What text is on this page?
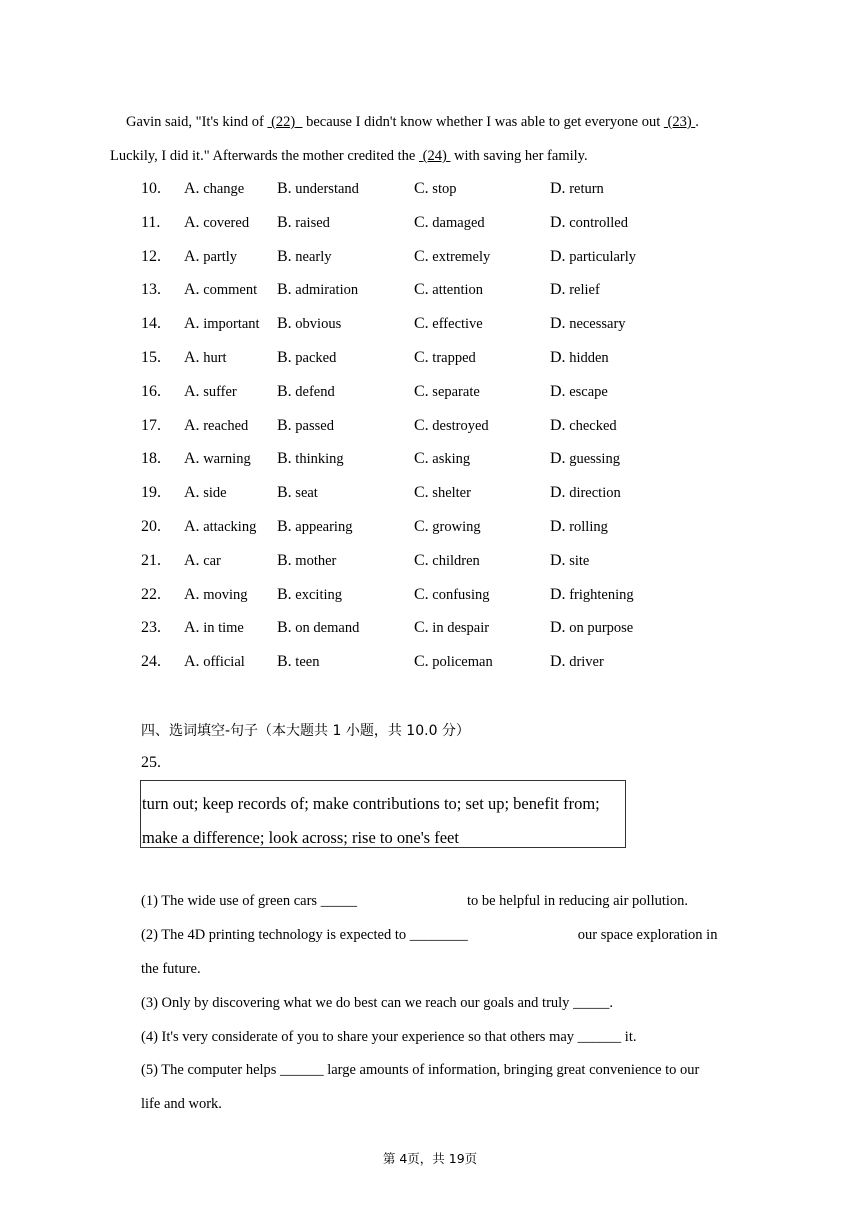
Gavin said, "It's kind of  (22)   because I didn't know whether I was able to get everyone out  (23) .
Luckily, I did it." Afterwards the mother credited the  (24)  with saving her family.
10. A. change B. understand	C. stop	D. return
11. A. covered B. raised	C. damaged	D. controlled
12. A. partly B. nearly	C. extremely	D. particularly
13. A. comment B. admiration	C. attention	D. relief
14. A. important B. obvious	C. effective	D. necessary
15. A. hurt	B. packed	C. trapped	D. hidden
16. A. suffer	B. defend	C. separate	D. escape
17. A. reached B. passed	C. destroyed	D. checked
18. A. warning B. thinking	C. asking	D. guessing
19. A. side	B. seat	C. shelter	D. direction
20. A. attacking B. appearing	C. growing	D. rolling
21. A. car	B. mother	C. children	D. site
22. A. moving B. exciting	C. confusing	D. frightening
23. A. in time B. on demand	C. in despair	D. on purpose
24. A. official B. teen	C. policeman	D. driver
四、选词填空-句子（本大题共 1 小题，共 10.0 分）
25.
turn out; keep records of; make contributions to; set up; benefit from;
make a difference; look across; rise to one's feet
(1) The wide use of green cars _____	to be helpful in reducing air pollution.
(2) The 4D printing technology is expected to ________	our space exploration in
the future.
(3) Only by discovering what we do best can we reach our goals and truly _____.
(4) It's very considerate of you to share your experience so that others may ______ it.
(5) The computer helps ______ large amounts of information, bringing great convenience to our
life and work.
第 4页，共 19页
